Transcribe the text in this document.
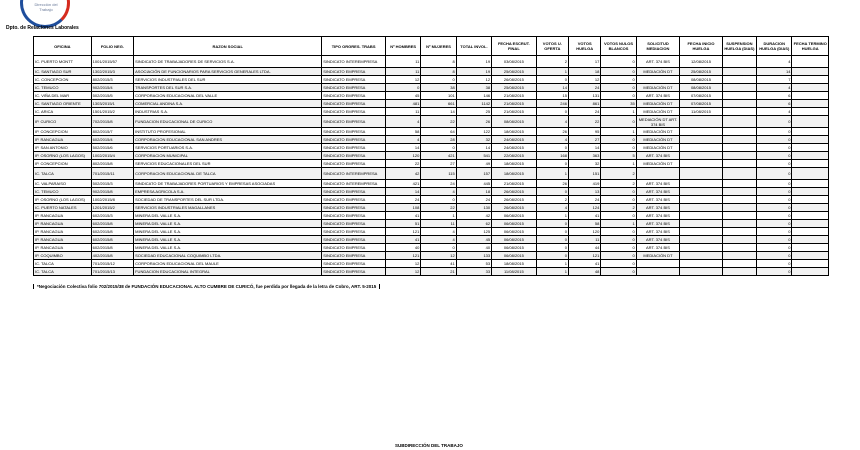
Dirección del
Trabajo
Dpto. de Relaciones Laborales
OFICINA	FOLIO NEG.	RAZON SOCIAL	TIPO ORGRES. TRABS	Nº HOMBRES	Nº MUJERES	TOTAL INVOL.	FECHA ESCRUT. FINAL	VOTOS U. OFERTA	VOTOS HUELGA	VOTOS NULOS BLANCOS	SOLICITUD MEDIACION	FECHA INICIO HUELGA	SUSPENSION HUELGA (DIAS)	DURACION HUELGA (DIAS)	FECHA TERMINO HUELGA
IC. PUERTO MONTT	1001/2015/57	SINDICATO DE TRABAJADORES DE SERVICIOS S.A.	SINDICATO INTEREMPRESA	11	8	19	03/08/2015	2	17	0	ART. 374 BIS	12/08/2015		4	
IC. SANTIAGO SUR	1302/2015/3	ASOCIACIÓN DE FUNCIONARIOS PARA SERVICIOS GENERALES LTDA.	SINDICATO EMPRESA	11	8	19	25/08/2015	1	18	0	MEDIACIÓN DT	25/08/2015		14	
IC. CONCEPCION	802/2015/3	SERVICIOS INDUSTRIALES DEL SUR	SINDICATO EMPRESA	12	0	12	26/08/2015	0	12	0		08/08/2015		7	
IC. TEMUCO	902/2015/4	TRANSPORTES DEL SUR S.A.	SINDICATO EMPRESA	0	38	38	25/08/2015	14	24	0	MEDIACIÓN DT	08/08/2015		4	
IC. VIÑA DEL MAR	502/2015/5	CORPORACION EDUCACIONAL DEL VALLE	SINDICATO EMPRESA	45	101	146	21/08/2015	15	131	0	ART. 374 BIS	07/08/2015		6	
IC. SANTIAGO ORIENTE	1303/2015/1	COMERCIAL ANDINA S.A.	SINDICATO EMPRESA	481	661	1142	21/08/2015	246	861	35	MEDIACIÓN DT	07/08/2015		6	
IC. ARICA	1501/2015/2	INDUSTRIAS S.A.	SINDICATO EMPRESA	11	14	25	21/08/2015	0	24	1	MEDIACIÓN DT	11/08/2015		4	
IP. CURICO	702/2015/8	FUNDACION EDUCACIONAL DE CURICO	SINDICATO EMPRESA	4	22	26	08/08/2015	4	22	0	MEDIACIÓN DT ART. 374 BIS			0	
IP. CONCEPCION	802/2015/7	INSTITUTO PROFESIONAL	SINDICATO EMPRESA	58	64	122	18/08/2015	26	95	1	MEDIACIÓN DT			0	
IP. RANCAGUA	602/2015/4	CORPORACION EDUCACIONAL SAN ANDRES	SINDICATO EMPRESA	4	28	32	24/08/2015	4	27	0	MEDIACIÓN DT			0	
IP. SAN ANTONIO	502/2015/6	SERVICIOS PORTUARIOS S.A.	SINDICATO EMPRESA	14	0	14	24/08/2015	0	14	0	MEDIACIÓN DT			0	
IP. OSORNO (LOS LAGOS)	1002/2015/4	CORPORACION MUNICIPAL	SINDICATO EMPRESA	120	421	541	22/08/2015	168	363	5	ART. 374 BIS			0	
IP. CONCEPCION	802/2015/8	SERVICIOS EDUCACIONALES DEL SUR	SINDICATO EMPRESA	22	27	49	18/08/2015	0	32	1	MEDIACIÓN DT			0	
IC. TALCA	701/2015/11	CORPORACION EDUCACIONAL DE TALCA	SINDICATO INTEREMPRESA	42	115	157	18/08/2015	1	151	2				0	
IC. VALPARAISO	502/2015/3	SINDICATO DE TRABAJADORES PORTUARIOS Y EMPRESAS ASOCIADAS	SINDICATO INTEREMPRESA	421	24	445	21/08/2015	26	419	2	ART. 374 BIS			0	
IC. TEMUCO	902/2015/8	EMPRESA AGRICOLA S.A.	SINDICATO EMPRESA	14	4	18	26/08/2015	0	13	0	ART. 374 BIS			0	
IP. OSORNO (LOS LAGOS)	1002/2015/8	SOCIEDAD DE TRANSPORTES DEL SUR LTDA.	SINDICATO EMPRESA	24	0	24	26/08/2015	2	24	0	ART. 374 BIS			0	
IC. PUERTO NATALES	1201/2015/2	SERVICIOS INDUSTRIALES MAGALLANES	SINDICATO EMPRESA	108	22	130	26/08/2015	4	124	2	ART. 374 BIS			0	
IP. RANCAGUA	602/2015/3	MINERA DEL VALLE S.A.	SINDICATO EMPRESA	41	1	42	06/08/2015	1	41	0	ART. 374 BIS			0	
IP. RANCAGUA	602/2015/8	MINERA DEL VALLE S.A.	SINDICATO EMPRESA	51	11	62	06/08/2015	0	58	1	ART. 374 BIS			0	
IP. RANCAGUA	602/2015/8	MINERA DEL VALLE S.A.	SINDICATO EMPRESA	121	4	125	06/08/2015	0	120	0	ART. 374 BIS			0	
IP. RANCAGUA	602/2015/8	MINERA DEL VALLE S.A.	SINDICATO EMPRESA	41	4	45	06/08/2015	0	11	0	ART. 374 BIS			0	
IP. RANCAGUA	602/2015/8	MINERA DEL VALLE S.A.	SINDICATO EMPRESA	40	0	40	06/08/2015	0	44	0	ART. 374 BIS			0	
IP. COQUIMBO	402/2015/8	SOCIEDAD EDUCACIONAL COQUIMBO LTDA.	SINDICATO EMPRESA	121	12	133	06/08/2015	0	121	0	MEDIACIÓN DT			0	
IC. TALCA	701/2015/12	CORPORACION EDUCACIONAL DEL MAULE	SINDICATO EMPRESA	12	41	53	18/08/2015	1	41	0				0	
IC. TALCA	701/2015/13	FUNDACION EDUCACIONAL INTEGRAL	SINDICATO EMPRESA	12	21	33	11/08/2015	1	48	0				0	
*Negociación Colectiva folio 702/2015/38 de FUNDACIÓN EDUCACIONAL ALTO CUMBRE DE CURICÓ, fue perdida por llegada de la letra de Cobro, ART. 5-2015
SUBDIRECCIÓN DEL TRABAJO
